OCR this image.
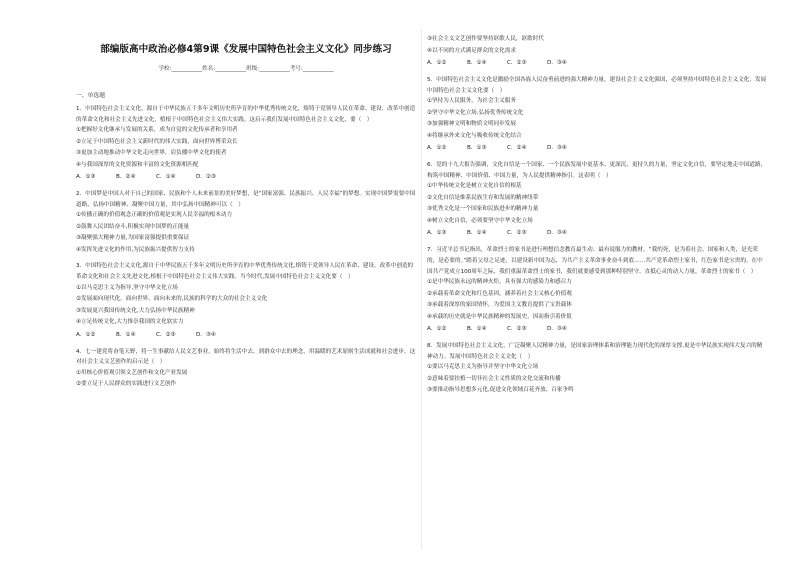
部编版高中政治必修4第9课《发展中国特色社会主义文化》同步练习
学校:___________姓名:___________班级:___________考号:___________
一、单选题

1．中国特色社会主义文化，源自于中华民族五千多年文明历史所孕育的中华优秀传统文化，熔铸于党领导人民在革命、建设、改革中创造的革命文化和社会主义先进文化，植根于中国特色社会主义伟大实践。这启示我们发展中国特色社会主义文化，要（　）

①把握好文化继承与发展的关系，成为自觉的文化传承者和享用者

②立足于中国特色社会主义新时代的伟大实践，面向世界博采众长

③更加主动地推动中华文化走向世界，肩负播中华文化的使者

④与我国深厚的文化资源和丰富的文化资源相匹配

A．①③	B．②④	C．①④	D．②③

2．中国梦是中国人对于自己的国家、民族和个人未来前景的美好梦想，是“国家富强、民族振兴、人民幸福”的梦想。实现中国梦需要中国道路、弘扬中国精神、凝聚中国力量，其中弘扬中国精神可以（　）

①传播正确的价值观念正确的价值观是实现人民幸福的根本动力

②鼓舞人民团结奋斗,积极实现中国梦的正能量

③凝聚强大精神力量,为国家富强提供重要保证

④发挥先进文化的作用,为民族振兴提供智力支持

3．中国特色社会主义文化,源自于中华民族五千多年文明历史所孕育的中华优秀传统文化,熔铸于党领导人民在革命、建设、改革中创造的革命文化和社会主义先进文化,植根于中国特色社会主义伟大实践。当今时代,发展中国特色社会主义文化要（　）

①以马克思主义为指导,坚守中华文化立场

②发展面向现代化，面向世界，面向未来的,民族的科学的大众的社会主义文化

③发展更兴我国传统文化,大力弘扬中华民族精神

④立足传统文化,大力推崇我国的文化软实力

A．①②	B．①④	C．②③	D．③④

4．七一建党将奋笔天野，将一生事献给人民文艺事业，始终将生活中去、到群众中去的理念，用温暖的艺术原则生活成就和社会进步。这对社会主义文艺创作的启示是（　）

①用核心价值观引领文艺创作和文化产业发展

②要立足于人民群众的实践进行文艺创作

③社会主义文艺创作要坚持讴歌人民，讴歌时代

④以不同的方式满足群众的文化需求

A．①②	B．①④	C．②③	D．③④

5．中国特色社会主义文化是激励全国各族人民奋勇前进的强大精神力量，建设社会主义文化强国，必须坚持中国特色社会主义文化，发展中国特色社会主义文化要（　）

①坚持为人民服务，为社会主义服务

②坚守中华文化立场,弘扬优秀传统文化

③加强精神文明和物质文明同步发展

④将继承外来文化与吸收传统文化结合

A．①②	B．①③	C．②④	D．③④

6．党的十九大报告强调，文化自信是一个国家、一个民族发展中更基本、更深沉、更持久的力量，坚定文化自信，要坚定地走中国道路，构筑中国精神、中国价值、中国力量，为人民提供精神指引。这表明（　）

①中华传统文化是树立文化自信的根基

②文化自信是维系民族生存和发展的精神纽带

③优秀文化是一个国家和民族进步的精神力量

④树立文化自信，必须要坚守中华文化立场

A．①③	B．①④	C．②③	D．③④

7．习近平总书记指出，革命烈士的家书是进行理想信念教育最生动、最有说服力的教材。“我的死，是为着社会、国家和人类，是光荣的，是必要的。”踏着父母之足迹，以建设新中国为志，为共产主义革命事业奋斗到底……共产党革命烈士家书，红色家书是宝贵的。在中国共产党成立100周年之际，我们重温革命烈士的家书，我们就要感受到那种特别坚守、直抵心灵的动人力量，革命烈士的家书（　）

①是中华民族永远的精神火炬，具有强大的感染力和感召力

②承载着革命文化和红色基因，涵养着社会主义核心价值观

③承载着深厚的家国情怀，为爱国主义教育提供了宝贵载体

④承载的历史就是中华民族精神的发展史，因而指引着价值

A．①②	B．①④	C．②③	D．③④

8．发展中国特色社会主义文化，广泛凝聚人民精神力量，是国家治理体系和治理能力现代化的深厚支撑,更是中华民族实现伟大复兴的精神动力。发展中国特色社会主义文化（　）

①要以马克思主义为指导并坚守中华文化立场

②意味着要扶植一切非社会主义性质的文化交流和传播

③要推动指导思想多元化,促进文化领域百花齐放、百家争鸣
